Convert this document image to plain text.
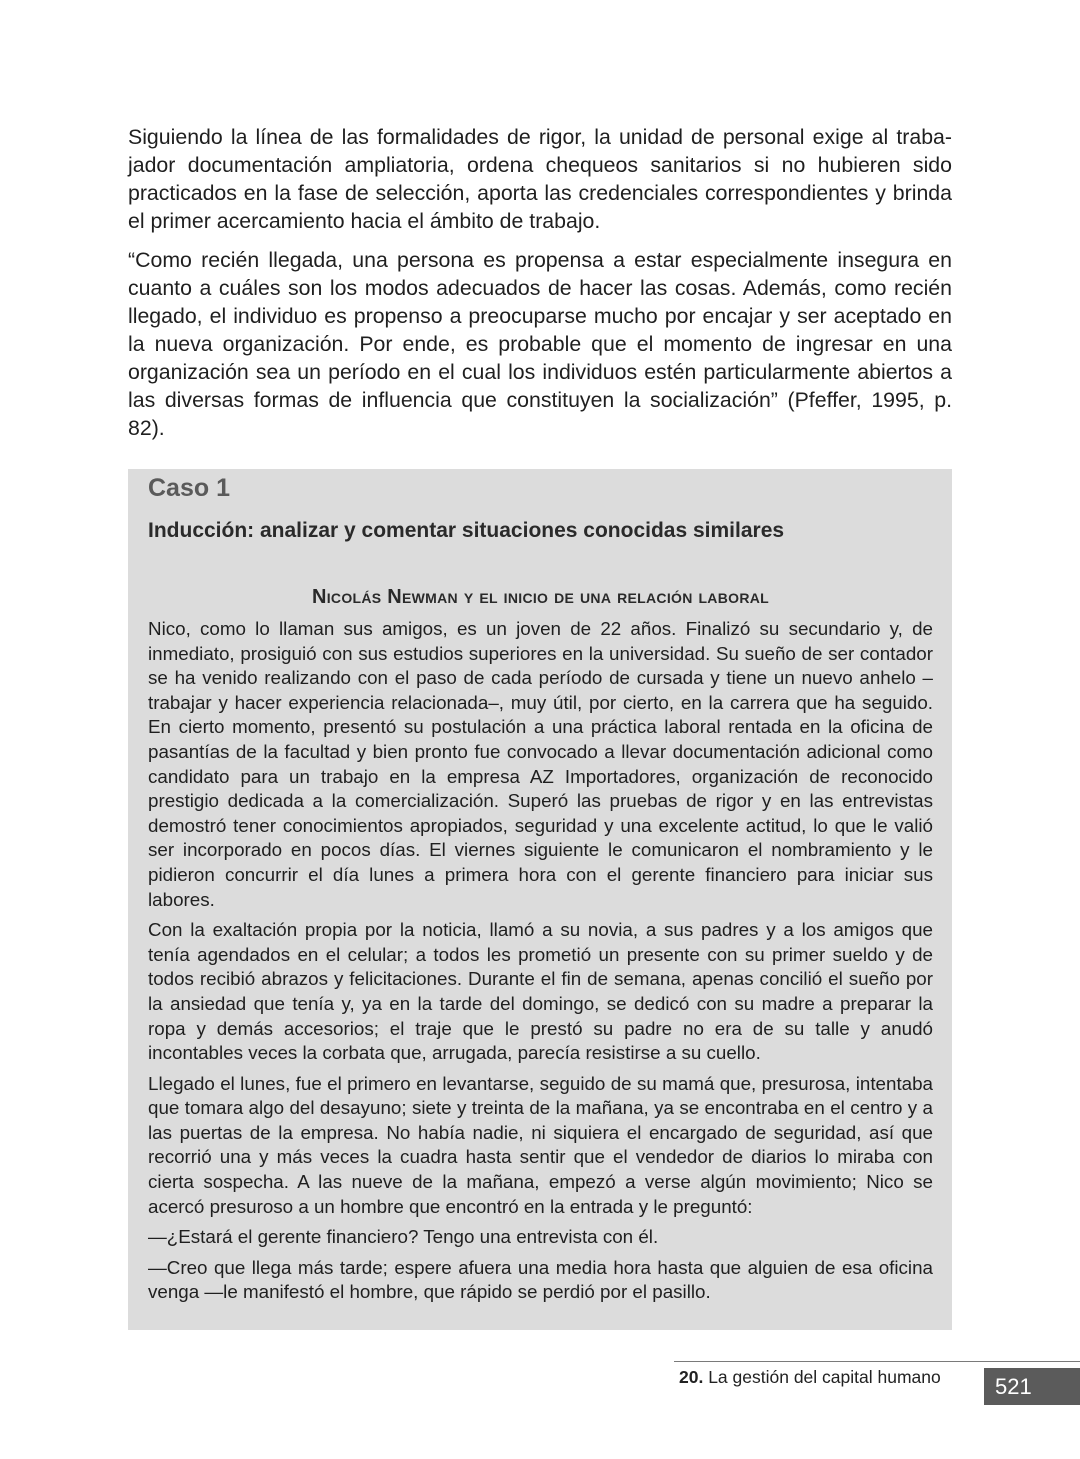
Siguiendo la línea de las formalidades de rigor, la unidad de personal exige al trabajador documentación ampliatoria, ordena chequeos sanitarios si no hubieren sido practicados en la fase de selección, aporta las credenciales correspondientes y brinda el primer acercamiento hacia el ámbito de trabajo.

“Como recién llegada, una persona es propensa a estar especialmente insegura en cuanto a cuáles son los modos adecuados de hacer las cosas. Además, como recién llegado, el individuo es propenso a preocuparse mucho por encajar y ser aceptado en la nueva organización. Por ende, es probable que el momento de ingresar en una organización sea un período en el cual los individuos estén particularmente abiertos a las diversas formas de influencia que constituyen la socialización” (Pfeffer, 1995, p. 82).

Caso 1
Inducción: analizar y comentar situaciones conocidas similares
Nicolás Newman y el inicio de una relación laboral

Nico, como lo llaman sus amigos, es un joven de 22 años. Finalizó su secundario y, de inmediato, prosiguió con sus estudios superiores en la universidad. Su sueño de ser contador se ha venido realizando con el paso de cada período de cursada y tiene un nuevo anhelo –trabajar y hacer experiencia relacionada–, muy útil, por cierto, en la carrera que ha seguido. En cierto momento, presentó su postulación a una práctica laboral rentada en la oficina de pasantías de la facultad y bien pronto fue convocado a llevar documentación adicional como candidato para un trabajo en la empresa AZ Importadores, organización de reconocido prestigio dedicada a la comercialización. Superó las pruebas de rigor y en las entrevistas demostró tener conocimientos apropiados, seguridad y una excelente actitud, lo que le valió ser incorporado en pocos días. El viernes siguiente le comunicaron el nombramiento y le pidieron concurrir el día lunes a primera hora con el gerente financiero para iniciar sus labores.

Con la exaltación propia por la noticia, llamó a su novia, a sus padres y a los amigos que tenía agendados en el celular; a todos les prometió un presente con su primer sueldo y de todos recibió abrazos y felicitaciones. Durante el fin de semana, apenas concilió el sueño por la ansiedad que tenía y, ya en la tarde del domingo, se dedicó con su madre a preparar la ropa y demás accesorios; el traje que le prestó su padre no era de su talle y anudó incontables veces la corbata que, arrugada, parecía resistirse a su cuello.

Llegado el lunes, fue el primero en levantarse, seguido de su mamá que, presurosa, intentaba que tomara algo del desayuno; siete y treinta de la mañana, ya se encontraba en el centro y a las puertas de la empresa. No había nadie, ni siquiera el encargado de seguridad, así que recorrió una y más veces la cuadra hasta sentir que el vendedor de diarios lo miraba con cierta sospecha. A las nueve de la mañana, empezó a verse algún movimiento; Nico se acercó presuroso a un hombre que encontró en la entrada y le preguntó:

—¿Estará el gerente financiero? Tengo una entrevista con él.

—Creo que llega más tarde; espere afuera una media hora hasta que alguien de esa oficina venga —le manifestó el hombre, que rápido se perdió por el pasillo.

20. La gestión del capital humano	521
